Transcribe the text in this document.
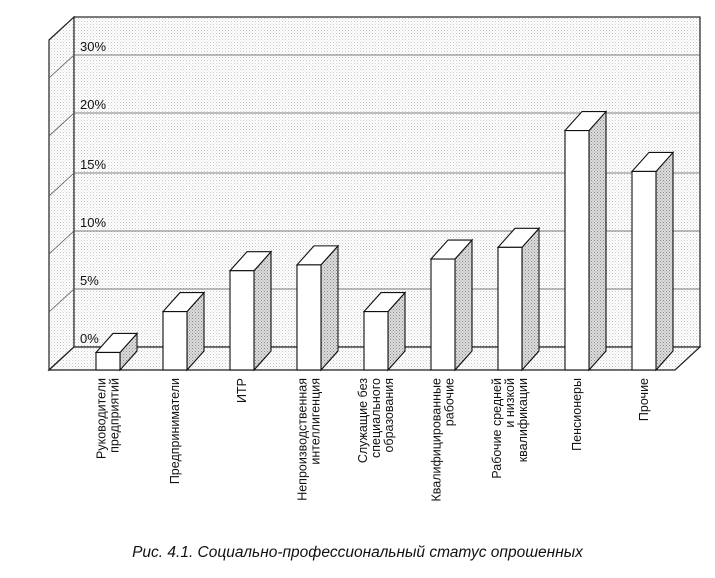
0%
5%
10%
15%
20%
30%
Руководителипредприятий	Предприниматели	ИТР	Непроизводственнаяинтеллигенция	Служащие безспециальногообразования	Квалифицированныерабочие	Рабочие среднейи низкойквалификации	Пенсионеры	Прочие
Рис. 4.1. Социально-профессиональный статус опрошенных
